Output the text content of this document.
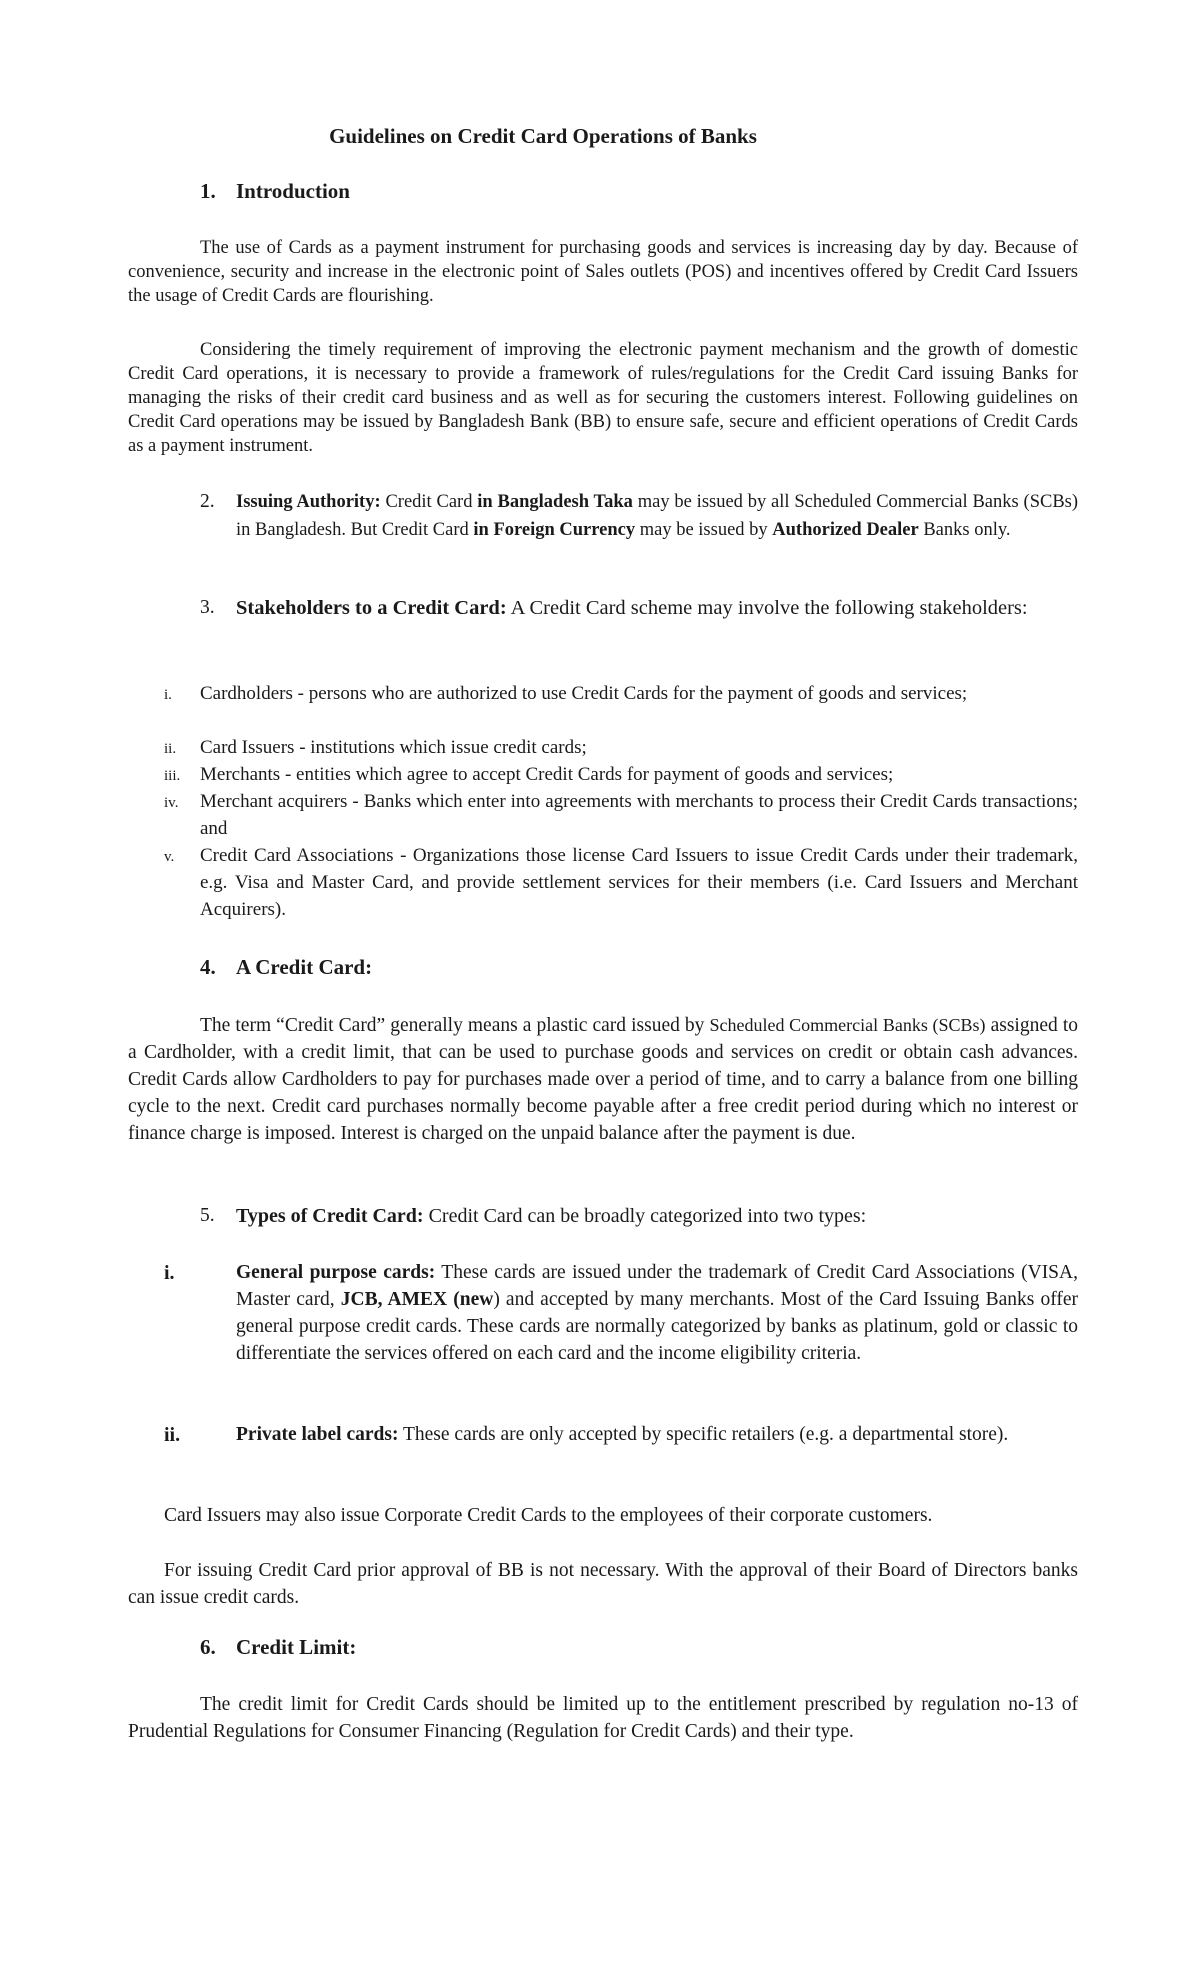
Guidelines on Credit Card Operations of Banks
1. Introduction
The use of Cards as a payment instrument for purchasing goods and services is increasing day by day. Because of convenience, security and increase in the electronic point of Sales outlets (POS) and incentives offered by Credit Card Issuers the usage of Credit Cards are flourishing.
Considering the timely requirement of improving the electronic payment mechanism and the growth of domestic Credit Card operations, it is necessary to provide a framework of rules/regulations for the Credit Card issuing Banks for managing the risks of their credit card business and as well as for securing the customers interest. Following guidelines on Credit Card operations may be issued by Bangladesh Bank (BB) to ensure safe, secure and efficient operations of Credit Cards as a payment instrument.
2. Issuing Authority: Credit Card in Bangladesh Taka may be issued by all Scheduled Commercial Banks (SCBs) in Bangladesh. But Credit Card in Foreign Currency may be issued by Authorized Dealer Banks only.
3. Stakeholders to a Credit Card: A Credit Card scheme may involve the following stakeholders:
i. Cardholders - persons who are authorized to use Credit Cards for the payment of goods and services;
ii. Card Issuers - institutions which issue credit cards;
iii. Merchants - entities which agree to accept Credit Cards for payment of goods and services;
iv. Merchant acquirers - Banks which enter into agreements with merchants to process their Credit Cards transactions; and
v. Credit Card Associations - Organizations those license Card Issuers to issue Credit Cards under their trademark, e.g. Visa and Master Card, and provide settlement services for their members (i.e. Card Issuers and Merchant Acquirers).
4. A Credit Card:
The term “Credit Card” generally means a plastic card issued by Scheduled Commercial Banks (SCBs) assigned to a Cardholder, with a credit limit, that can be used to purchase goods and services on credit or obtain cash advances. Credit Cards allow Cardholders to pay for purchases made over a period of time, and to carry a balance from one billing cycle to the next. Credit card purchases normally become payable after a free credit period during which no interest or finance charge is imposed. Interest is charged on the unpaid balance after the payment is due.
5. Types of Credit Card: Credit Card can be broadly categorized into two types:
i.	General purpose cards: These cards are issued under the trademark of Credit Card Associations (VISA, Master card, JCB, AMEX (new) and accepted by many merchants. Most of the Card Issuing Banks offer general purpose credit cards. These cards are normally categorized by banks as platinum, gold or classic to differentiate the services offered on each card and the income eligibility criteria.
ii.	Private label cards: These cards are only accepted by specific retailers (e.g. a departmental store).
Card Issuers may also issue Corporate Credit Cards to the employees of their corporate customers.
For issuing Credit Card prior approval of BB is not necessary. With the approval of their Board of Directors banks can issue credit cards.
6. Credit Limit:
The credit limit for Credit Cards should be limited up to the entitlement prescribed by regulation no-13 of Prudential Regulations for Consumer Financing (Regulation for Credit Cards) and their type.
